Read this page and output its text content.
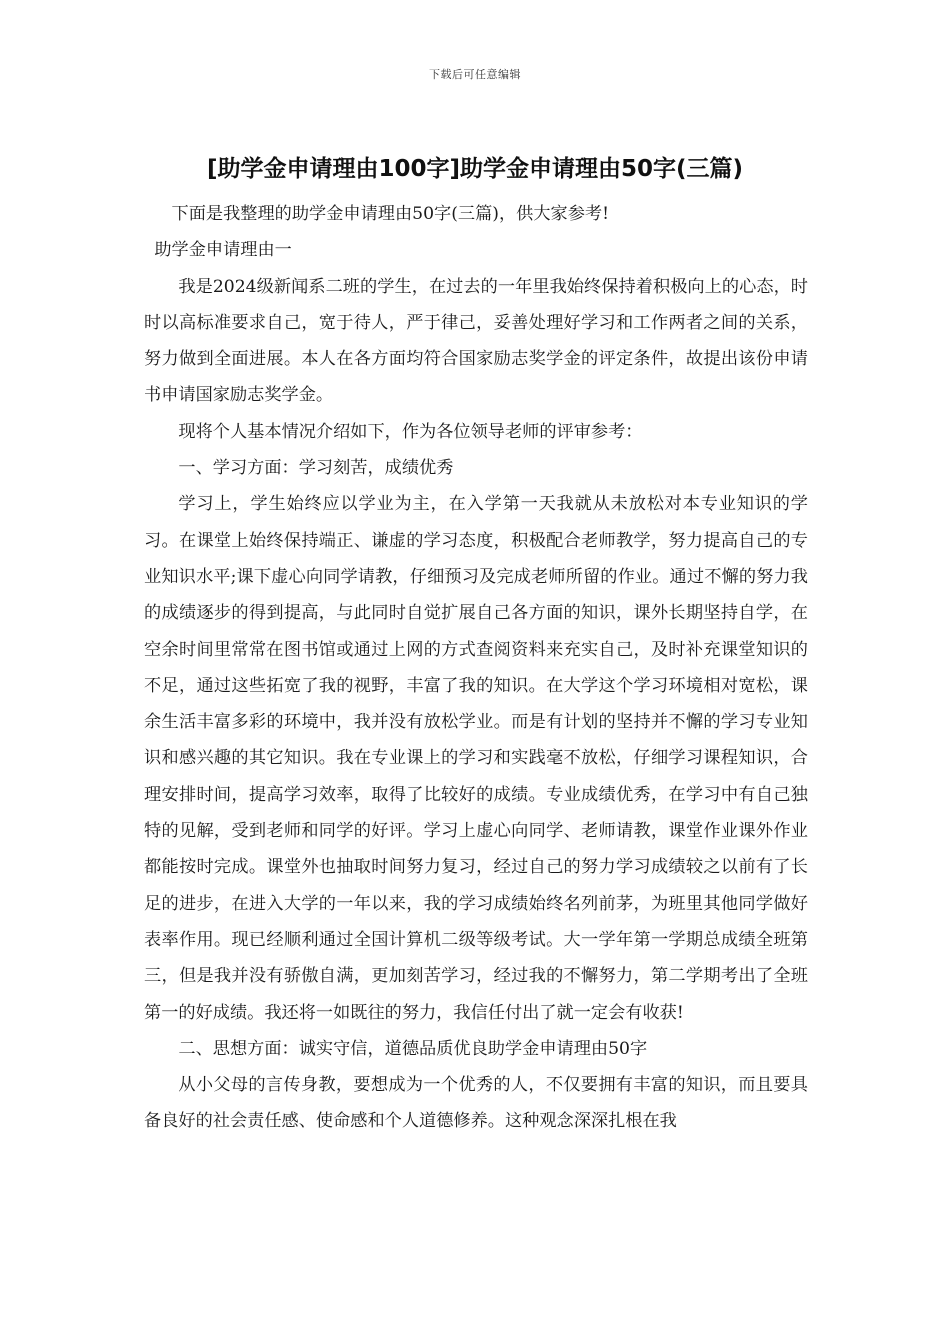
下载后可任意编辑
[助学金申请理由100字]助学金申请理由50字(三篇)

下面是我整理的助学金申请理由50字(三篇)，供大家参考!

助学金申请理由一

我是2024级新闻系二班的学生，在过去的一年里我始终保持着积极向上的心态，时时以高标准要求自己，宽于待人，严于律己，妥善处理好学习和工作两者之间的关系，努力做到全面进展。本人在各方面均符合国家励志奖学金的评定条件，故提出该份申请书申请国家励志奖学金。

现将个人基本情况介绍如下，作为各位领导老师的评审参考：

一、学习方面：学习刻苦，成绩优秀

学习上，学生始终应以学业为主，在入学第一天我就从未放松对本专业知识的学习。在课堂上始终保持端正、谦虚的学习态度，积极配合老师教学，努力提高自己的专业知识水平;课下虚心向同学请教，仔细预习及完成老师所留的作业。通过不懈的努力我的成绩逐步的得到提高，与此同时自觉扩展自己各方面的知识，课外长期坚持自学，在空余时间里常常在图书馆或通过上网的方式查阅资料来充实自己，及时补充课堂知识的不足，通过这些拓宽了我的视野，丰富了我的知识。在大学这个学习环境相对宽松，课余生活丰富多彩的环境中，我并没有放松学业。而是有计划的坚持并不懈的学习专业知识和感兴趣的其它知识。我在专业课上的学习和实践毫不放松，仔细学习课程知识，合理安排时间，提高学习效率，取得了比较好的成绩。专业成绩优秀，在学习中有自己独特的见解，受到老师和同学的好评。学习上虚心向同学、老师请教，课堂作业课外作业都能按时完成。课堂外也抽取时间努力复习，经过自己的努力学习成绩较之以前有了长足的进步，在进入大学的一年以来，我的学习成绩始终名列前茅，为班里其他同学做好表率作用。现已经顺利通过全国计算机二级等级考试。大一学年第一学期总成绩全班第三，但是我并没有骄傲自满，更加刻苦学习，经过我的不懈努力，第二学期考出了全班第一的好成绩。我还将一如既往的努力，我信任付出了就一定会有收获!

二、思想方面：诚实守信，道德品质优良助学金申请理由50字

从小父母的言传身教，要想成为一个优秀的人，不仅要拥有丰富的知识，而且要具备良好的社会责任感、使命感和个人道德修养。这种观念深深扎根在我
